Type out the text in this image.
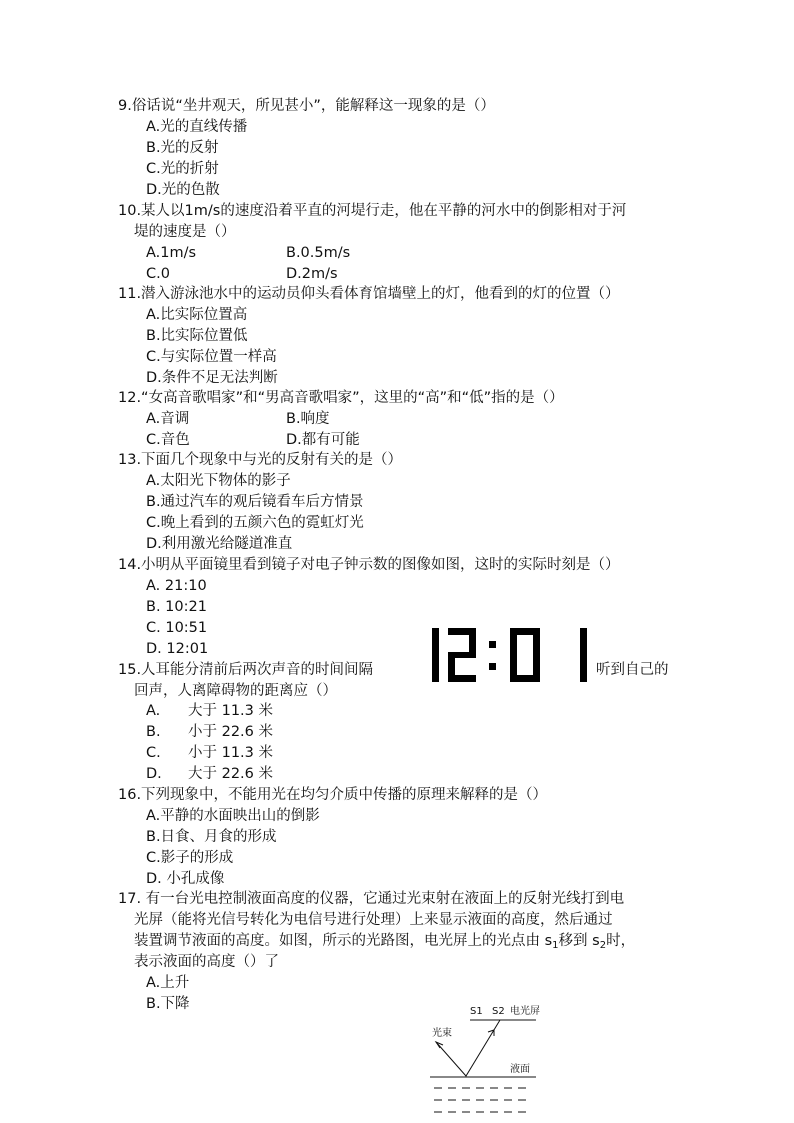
9.俗话说“坐井观天，所见甚小”，能解释这一现象的是（）
A.光的直线传播
B.光的反射
C.光的折射
D.光的色散
10.某人以1m/s的速度沿着平直的河堤行走，他在平静的河水中的倒影相对于河
堤的速度是（）
A.1m/s	B.0.5m/s
C.0	D.2m/s
11.潜入游泳池水中的运动员仰头看体育馆墙壁上的灯，他看到的灯的位置（）
A.比实际位置高
B.比实际位置低
C.与实际位置一样高
D.条件不足无法判断
12.“女高音歌唱家”和“男高音歌唱家”，这里的“高”和“低”指的是（）
A.音调	B.响度
C.音色	D.都有可能
13.下面几个现象中与光的反射有关的是（）
A.太阳光下物体的影子
B.通过汽车的观后镜看车后方情景
C.晚上看到的五颜六色的霓虹灯光
D.利用激光给隧道准直
14.小明从平面镜里看到镜子对电子钟示数的图像如图，这时的实际时刻是（）
A. 21:10
B. 10:21
C. 10:51
D. 12:01
15.人耳能分清前后两次声音的时间间隔	听到自己的
回声，人离障碍物的距离应（）
A. 大于 11.3 米
B. 小于 22.6 米
C. 小于 11.3 米
D. 大于 22.6 米
16.下列现象中，不能用光在均匀介质中传播的原理来解释的是（）
A.平静的水面映出山的倒影
B.日食、月食的形成
C.影子的形成
D. 小孔成像
17. 有一台光电控制液面高度的仪器，它通过光束射在液面上的反射光线打到电
光屏（能将光信号转化为电信号进行处理）上来显示液面的高度，然后通过
装置调节液面的高度。如图，所示的光路图，电光屏上的光点由 $s_1$移到 $s_2$时，
表示液面的高度（）了
A.上升
B.下降	S1 S2 电光屏
光束
液面
